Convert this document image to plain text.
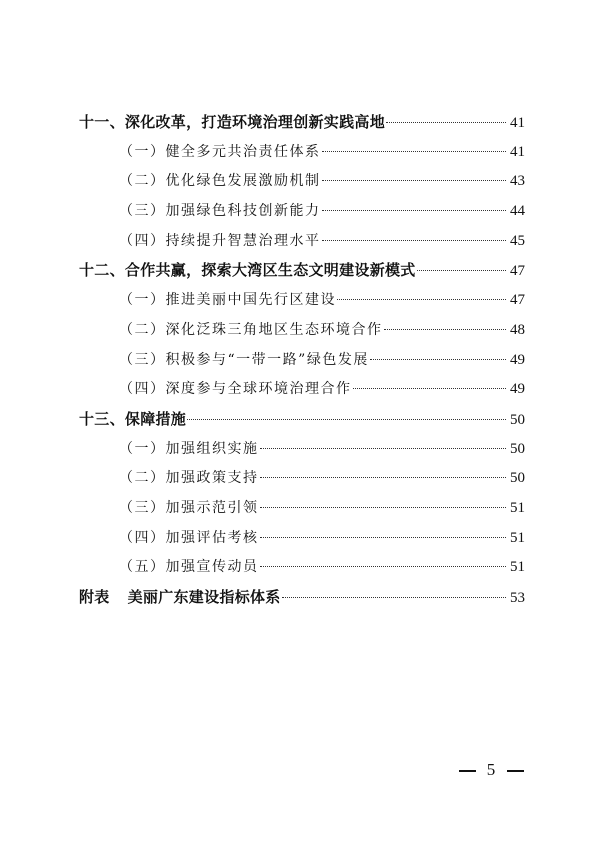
十一、深化改革，打造环境治理创新实践高地	41
（一）健全多元共治责任体系	41
（二）优化绿色发展激励机制	43
（三）加强绿色科技创新能力	44
（四）持续提升智慧治理水平	45
十二、合作共赢，探索大湾区生态文明建设新模式	47
（一）推进美丽中国先行区建设	47
（二）深化泛珠三角地区生态环境合作	48
（三）积极参与“一带一路”绿色发展	49
（四）深度参与全球环境治理合作	49
十三、保障措施	50
（一）加强组织实施	50
（二）加强政策支持	50
（三）加强示范引领	51
（四）加强评估考核	51
（五）加强宣传动员	51
附表 美丽广东建设指标体系	53
5
